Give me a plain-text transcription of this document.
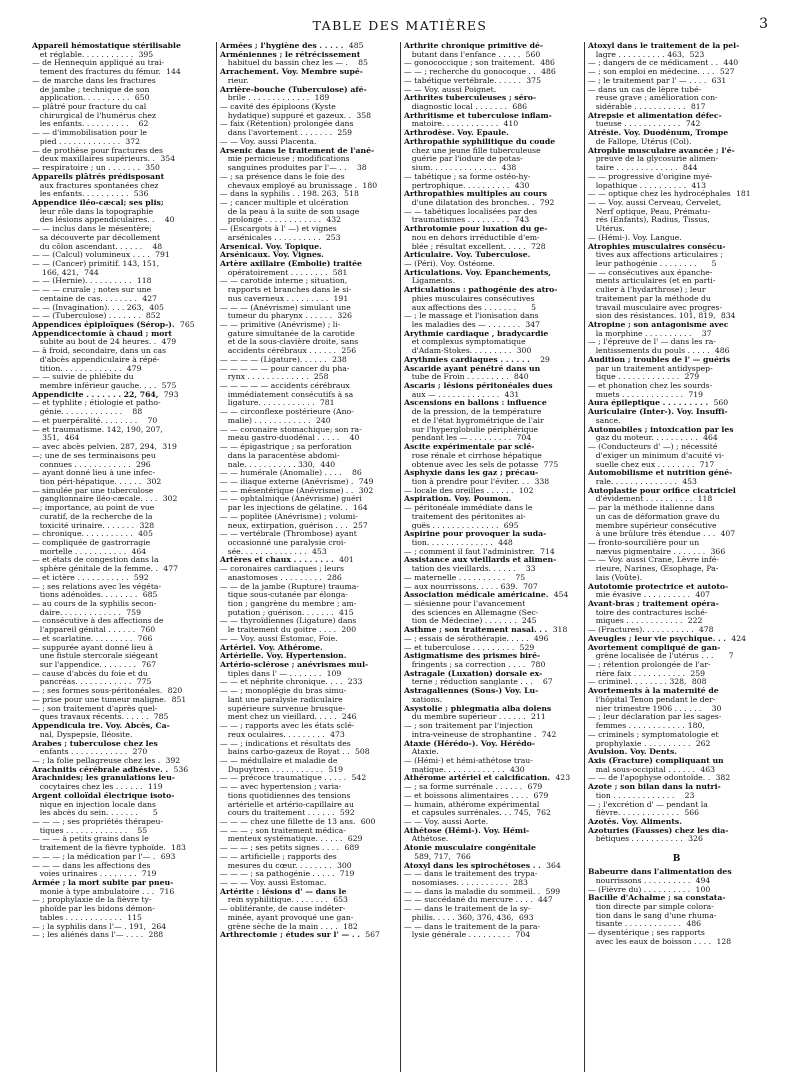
TABLE DES MATIÈRES	3
Appareil hémostatique stérilisable
 et réglable. . . . . . . . . . . 395
— de Hennequin appliqué au trai-
 tement des fractures du fémur. 144
— de marche dans les fractures
 de jambe ; technique de son
 application. . . . . . . . . . 650
— plâtré pour fracture du cal
 chirurgical de l'humérus chez
 les enfants. . . . . . . . . .	62
— — d'immobilisation pour le
 pied . . . . . . . . . . . . . 372
— de prothèse pour fractures des
 deux maxillaires supérieurs. . 354
— respiratoire ; un . . . . . . . 350
Appareils plâtrés prédisposant
 aux fractures spontanées chez
 les enfants. . . . . . . . . . 536
Appendice iléo-cæcal; ses plis;
 leur rôle dans la topographie
 des lésions appendiculaires. .	40
— — inclus dans le mésentère;
 sa découverte par décollement
 du côlon ascendant. . . . . .	48
— — (Calcul) volumineux . . . . 791
— — (Cancer) primitif. 143, 151,
  166, 421, 744
— — (Hernie). . . . . . . . . . 118
— — — crurale ; notes sur une
 centaine de cas. . . . . . . . 427
— — (Invagination). . . . 263, 405
— — (Tuberculose) . . . . . . . 852
Appendices épiploïques (Sérop-). 765
Appendicectomie à chaud ; mort
 subite au bout de 24 heures. . 479
— à froid, secondaire, dans un cas
 d'abcès appendiculaire à répé-
 tition. . . . . . . . . . . . . 479
— — suivie de phlébite du
 membre inférieur gauche. . . . 575
Appendicite . . . . . . . 22, 764, 793
— et typhlite ; étiologie et patho-
 génie. . . . . . . . . . . . .	88
— et puerpéralité. . . . . . . .	70
— et traumatisme. 142, 190, 207,
  351, 464
— avec abcès pelvien. 287, 294, 319
—; une de ses terminaisons peu
 connues . . . . . . . . . . . . 296
— ayant donné lieu à une infec-
 tion péri-hépatique. . . . . . 302
— simulée par une tuberculose
 ganglionnaire iléo-cæcale. . . . 302
—; importance, au point de vue
 curatif, de la recherche de la
 toxicité urinaire. . . . . . . 328
— chronique. . . . . . . . . . . 405
— compliquée de gastrorragie
 mortelle . . . . . . . . . . . 464
— et états de congestion dans la
 sphère génitale de la femme. . 477
— et ictère . . . . . . . . . . . 592
— ; ses relations avec les végéta-
 tions adénoïdes. . . . . . . . 685
— au cours de la syphilis secon-
 daire. . . . . . . . . . . . . 759
— consécutive à des affections de
 l'appareil génital . . . . . . 760
— et scarlatine. . . . . . . . . 766
— suppurée ayant donné lieu à
 une fistule stercorale siégeant
 sur l'appendice. . . . . . . . 767
— cause d'abcès du foie et du
 pancréas. . . . . . . . . . . . 775
— ; ses formes sous-péritonéales. 820
— prise pour une tumeur maligne. 851
— ; son traitement d'après quel-
 ques travaux récents. . . . . . 785
Appendicula ire. Voy. Abcès, Ca-
 nal, Dyspepsie, Iléosite.
Arabes ; tuberculose chez les
 enfants . . . . . . . . . . . . 270
— ; la folie pellagreuse chez les . 392
Arachnitis cérébrale adhésive. . 536
Arachnides; les granulations leu-
 cocytaires chez les . . . . . . 119
Argent colloïdal électrique isoto-
 nique en injection locale dans
 les abcès du sein. . . . . . .	5
— — — ; ses propriétés thérapeu-
 tiques . . . . . . . . . . . . .	55
— — — à petits grains dans le
 traitement de la fièvre typhoïde. 183
— — — ; la médication par l'— . 693
— — — dans les affections des
 voies urinaires . . . . . . . . 719
Armée ; la mort subite par pneu-
 monie à type ambulatoire . . . 716
— ; prophylaxie de la fièvre ty-
 phoïde par les bidons démon-
 tables . . . . . . . . . . . . 115
— ; la syphilis dans l'— . 191, 264
— ; les aliénés dans l'— . . . . 288
Armées ; l'hygiène des . . . . . 485
Arméniennes ; le rétrécissement
 habituel du bassin chez les — .	85
Arrachement. Voy. Membre supé-
 rieur.
Arrière-bouche (Tuberculose) afé-
 brile . . . . . . . . . . . . . 189
— cavité des épiploons (Kyste
 hydatique) suppuré et gazeux. . 358
— faix (Rétention) prolongée dans
 dans l'avortement . . . . . . . 259
— — Voy. aussi Placenta.
Arsenic dans le traitement de l'ané-
 mie pernicieuse ; modifications
 sanguines produites par l'— . .	38
— ; sa présence dans le foie des
 chevaux employé au brunissage . 180
— dans la syphilis . . 198. 263, 518
— ; cancer multiple et ulcération
 de la peau à la suite de son usage
 prolongé . . . . . . . . . . . . 432
— (Escargots à l' —) et vignes
 arsénicales . . . . . . . . . . 253
Arsenical. Voy. Topique.
Arsénicaux. Voy. Vignes.
Artère axillaire (Embolie) traitée
 opératoirement . . . . . . . . 581
— — carotide interne ; situation,
 rapports et branches dans le si-
 nus caverneux . . . . . . . . . 191
— — — (Anévrisme) simulant une
 tumeur du pharynx . . . . . . 326
— — primitive (Anévrisme) ; li-
 gature simultanée de la carotide
 et de la sous-clavière droite, sans
 accidents cérébraux . . . . . . 256
— — — — (Ligature). . . . . . 238
— — — — — pour cancer du pha-
 rynx . . . . . . . . . . . . . 258
— — — — — accidents cérébraux
 immédiatement consécutifs à sa
 ligature. . . . . . . . . . . . 781
— — circonflexe postérieure (Ano-
 malie) . . . . . . . . . . . . 240
— — coronaire stomachique; son ra-
 meau gastro-duodénal . . . . .	40
— — épigastrique ; sa perforation
 dans la paracentèse abdomi-
 nale. . . . . . . . . . . 330, 440
— — humérale (Anomalie) . . . .	86
— — iliaque externe (Anévrisme) . 749
— — mésentérique (Anévrisme) . . 302
— — ophtalmique (Anévrisme) guéri
 par les injections de gélatine. . 164
— — poplitée (Anévrisme) ; volumi-
 neux, extirpation, guérison . . . 257
— — vertébrale (Thrombose) ayant
 occasionné une paralysie croi-
 sée. . . . . . . . . . . . . . 453
Artères et chaux . . . . . . . . 401
— coronaires cardiaques ; leurs
 anastomoses . . . . . . . . . 286
— — de la jambe (Rupture) trauma-
 tique sous-cutanée par élonga-
 tion ; gangrène du membre ; am-
 putation ; guérison. . . . . . . 415
— — thyroïdiennes (Ligature) dans
 le traitement du goitre . . . . 200
— — Voy. aussi Estomac, Foie.
Artériel. Voy. Athérome.
Artérielle. Voy. Hypertension.
Artério-sclérose ; anévrismes mul-
 tiples dans l' — . . . . . . . 109
— — et néphrite chronique. . . . 233
— — ; monoplégie du bras simu-
 lant une paralysie radiculaire
 supérieure survenue brusque-
 ment chez un vieillard. . . . . 246
— — ; rapports avec les états sclé-
 reux oculaires. . . . . . . . . 473
— — ; indications et résultats des
 bains carbo-gazeux de Royat . . 508
— — médullaire et maladie de
 Dupuytren . . . . . . . . . . . 519
— — précoce traumatique . . . . . 542
— — avec hypertension ; varia-
 tions quotidiennes des tensions
 artérielle et artério-capillaire au
 cours du traitement . . . . . . 592
— — — chez une fillette de 13 ans. 600
— — — ; son traitement médica-
 menteux systématique. . . . . . 629
— — — ; ses petits signes . . . . 689
— — artificielle ; rapports des
 mesures du cœur. . . . . . . . 300
— — — ; sa pathogénie . . . . . 719
— — — Voy. aussi Estomac.
Artérite : lésions d' — dans le
 rein syphilitique. . . . . . . . 653
— oblitérante, de cause indéter-
 minée, ayant provoqué une gan-
 grène sèche de la main . . . . 182
Arthrectomie ; études sur l' — . . 567
Arthrite chronique primitive dé-
 butant dans l'enfance . . . . . 560
— gonococcique ; son traitement. 486
— — ; recherche du gonocoque . . 486
— tabétique vertébrale. . . . . . 375
— — Voy. aussi Poignet.
Arthrites tuberculeuses ; séro-
 diagnostic local . . . . . . . 686
Arthritisme et tuberculose inflam-
 matoire. . . . . . . . . . . . 410
Arthrodèse. Voy. Épaule.
Arthropathie syphilitique du coude
 chez une jeune fille tuberculeuse
 guérie par l'iodure de potas-
 sium. . . . . . . . . . . . . . 438
— tabétique ; sa forme ostéo-hy-
 pertrophique. . . . . . . . . . 430
Arthropathies multiples au cours
 d'une dilatation des bronches. . 792
— — tabétiques localisées par des
 traumatismes . . . . . . . . . 743
Arthrotomie pour luxation du ge-
 nou en dehors irréductible d'em-
 blée ; résultat excellent. . . . . 728
Articulaire. Voy. Tuberculose.
— (Péri). Voy. Ostéome.
Articulations. Voy. Épanchements,
 Ligaments.
Articulations : pathogénie des atro-
 phies musculaires consécutives
 aux affections des . . . . . . .	5
— ; le massage et l'ionisation dans
 les maladies des — . . . . . . . 347
Arythmie cardiaque , bradycardie
 et complexus symptomatique
 d'Adam-Stokes. . . . . . . . . 300
Arythmies cardiaques . . . . . .	29
Ascaride ayant pénétré dans un
 tube de Froin . . . . . . . . . 840
Ascaris ; lésions péritonéales dues
 aux — . . . . . . . . . . . . . 431
Ascensions en ballons : influence
 de la pression, de la température
 et de l'état hygrométrique de l'air
 sur l'hyperglobulie périphérique
 pendant les — . . . . . . . . . 704
Ascite expérimentale par sclé-
 rose rénale et cirrhose hépatique
 obtenue avec les sels de potasse 775
Asphyxie dans les gaz ; précau-
 tion à prendre pour l'éviter. . . 338
— locale des oreilles . . . . . . 102
Aspiration. Voy. Poumon.
— péritonéale immédiate dans le
 traitement des péritonites ai-
 guës . . . . . . . . . . . . . . 695
Aspirine pour provoquer la suda-
 tion. . . . . . . . . . . . . . 448
— ; comment il faut l'administrer. 714
Assistance aux vieillards et alimen-
 tation des vieillards. . . . . .	33
— maternelle . . . . . . . . . .	75
— aux nourrissons. . . . . 639. 707
Association médicale américaine. 454
— siésienne pour l'avancement
 des sciences en Allemagne (Sec-
 tion de Médecine) . . . . . . . 245
Asthme ; son traitement nasal. . . 318
— ; essais de sérothérapie. . . . . 496
— et tuberculose . . . . . . . . . 529
Astigmatisme des prismes biré-
 fringents ; sa correction . . . . 780
Astragale (Luxation) dorsale ex-
 terne ; réduction sanglante . . .	67
Astragaliennes (Sous-) Voy. Lu-
 xations.
Asystolie ; phlegmatia alba dolens
 du membre supérieur . . . . . . 211
— ; son traitement par l'injection
 intra-veineuse de strophantine . 742
Ataxie (Hérédo-). Voy. Hérédo-
 Ataxie.
— (Hémi-) et hémi-athétose trau-
 matique. . . . . . . . . . . . . 430
Athérome artériel et calcification. 423
— ; sa forme surrénale . . . . . . 679
— et boissons alimentaires . . . . 679
— humain, athérome expérimental
 et capsules surrénales. . . 745, 762
— — Voy. aussi Aorte.
Athétose (Hémi-). Voy. Hémi-
 Athétose.
Atonie musculaire congénitale
  589, 717, 766
Atoxyl dans les spirochétoses . . 364
— — dans le traitement des trypa-
 nosomiases. . . . . . . . . . . 283
— — dans la maladie du sommeil. . 599
— — succédané du mercure . . . . 447
— — dans le traitement de la sy-
 philis. . . . . 360, 376, 436, 693
— — dans le traitement de la para-
 lysie générale . . . . . . . . . 704
Atoxyl dans le traitement de la pel-
 lagre . . . . . . . . . . 463, 523
— ; dangers de ce médicament . . 440
— ; son emploi en médecine. . . . 527
— ; le traitement par l' — . . . . 631
— dans un cas de lèpre tubé-
 reuse grave ; amélioration con-
 sidérable . . . . . . . . . . . 817
Atrepsie et alimentation défec-
 tueuse . . . . . . . . . . . . 742
Atrésie. Voy. Duodénum, Trompe
 de Fallope, Utérus (Col).
Atrophie musculaire avancée ; l'é-
 preuve de la glycosurie alimen-
 taire . . . . . . . . . . . . . 844
— — progressive d'origine myé-
 lopathique . . . . . . . . . . 413
— — optique chez les hydrocéphales 181
— — Voy. aussi Cerveau, Cervelet,
 Nerf optique, Peau, Prématu-
 rés (Enfants), Radius, Tissus,
 Utérus.
— (Hémi-). Voy. Langue.
Atrophies musculaires consécu-
 tives aux affections articulaires ;
 leur pathogénie . . . . . . . .	5
— — consécutives aux épanche-
 ments articulaires (et en parti-
 culier à l'hydarthrose) ; leur
 traitement par la méthode du
 travail musculaire avec progres-
 sion des résistances. 101, 819, 834
Atropine ; son antagonisme avec
 la morphine . . . . . . . . . .	37
— ; l'épreuve de l' — dans les ra-
 lentissements du pouls . . . . . 486
Audition ; troubles de l' — guéris
 par un traitement antidyspep-
 tique . . . . . . . . . . . . . 279
— et phonation chez les sourds-
 muets . . . . . . . . . . . . . 719
Aura épileptique . . . . . . . . . 560
Auriculaire (Inter-). Voy. Insuffi-
 sance.
Automobiles ; intoxication par les
 gaz du moteur. . . . . . . . . . 464
— (Conducteurs d' —) ; nécessité
 d'exiger un minimum d'acuité vi-
 suelle chez eux . . . . . . . . 717
Automobilisme et nutrition géné-
 rale. . . . . . . . . . . . . . 453
Autoplastie pour orifice cicatriciel
 d'évidement . . . . . . . . . . 118
— par la méthode italienne dans
 un cas de déformation grave du
 membre supérieur consécutive
 à une brûlure très étendue . . . 407
— fronto-sourcilière pour un
 nævus pigmentaire . . . . . . . 366
— — Voy. aussi Crane, Lèvre infé-
 rieure, Narines, Œsophage, Pa-
 lais (Voûte).
Autotomie protectrice et autoto-
 mie évasive . . . . . . . . . . 407
Avant-bras ; traitement opéra-
 toire des contractures isché-
 miques . . . . . . . . . . . . 222
— (Fractures). . . . . . . . . . . 478
Aveugles ; leur vie psychique. . . 424
Avortement compliqué de gan-
 grène localisée de l'utérus . . .	7
— ; rétention prolongée de l'ar-
 rière faix . . . . . . . . . . . 259
— criminel. . . . . . . . 328, 808
Avortements à la maternité de
 l'hôpital Tenon pendant le der-
 nier trimestre 1906 . . . . . .	30
— ; leur déclaration par les sages-
 femmes . . . . . . . . . . . . 180,
— criminels ; symptomatologie et
 prophylaxie . . . . . . . . . . 262
Avulsion. Voy. Dents.
Axis (Fracture) compliquant un
 mal sous-occipital . . . . . . 463
— — de l'apophyse odontoïde. . 382
Azote ; son bilan dans la nutri-
 tion . . . . . . . . . . . . .	23
— ; l'excrétion d' — pendant la
 fièvre. . . . . . . . . . . . . 566
Azotés. Voy. Aliments.
Azoturies (Fausses) chez les dia-
 bétiques . . . . . . . . . . . 326
B
Babeurre dans l'alimentation des
 nourrissons . . . . . . . . . . 494
— (Fièvre du) . . . . . . . . . . 100
Bacille d'Achalme ; sa constata-
 tion directe par simple colora-
 tion dans le sang d'une rhuma-
 tisante . . . . . . . . . . . . 486
— dysentérique ; ses rapports
 avec les eaux de boisson . . . . 128
